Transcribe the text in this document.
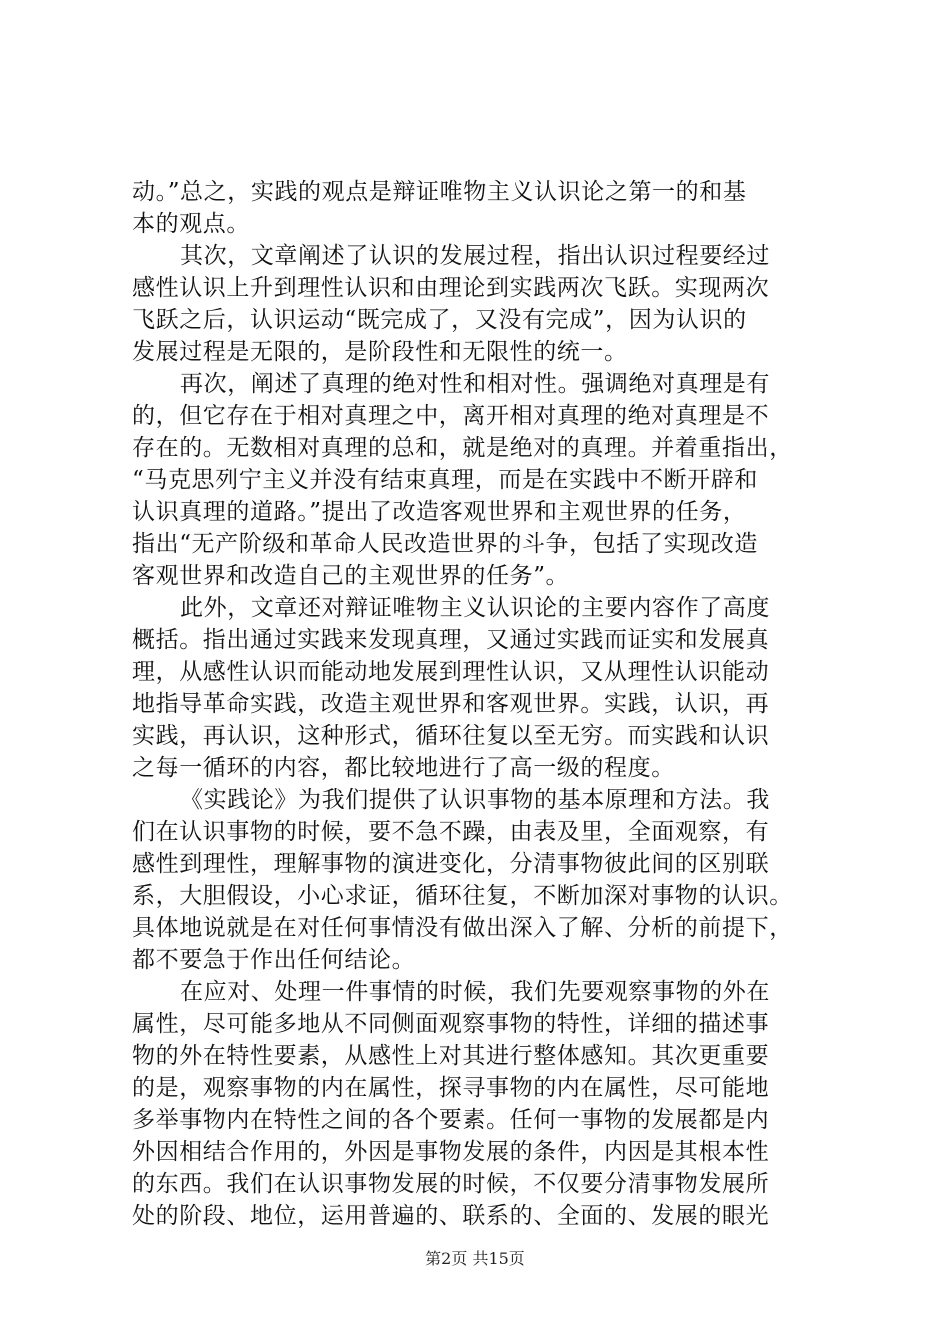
动。”总之，实践的观点是辩证唯物主义认识论之第一的和基
本的观点。
其次，文章阐述了认识的发展过程，指出认识过程要经过
感性认识上升到理性认识和由理论到实践两次飞跃。实现两次
飞跃之后，认识运动“既完成了，又没有完成”，因为认识的
发展过程是无限的，是阶段性和无限性的统一。
再次，阐述了真理的绝对性和相对性。强调绝对真理是有
的，但它存在于相对真理之中，离开相对真理的绝对真理是不
存在的。无数相对真理的总和，就是绝对的真理。并着重指出，
“马克思列宁主义并没有结束真理，而是在实践中不断开辟和
认识真理的道路。”提出了改造客观世界和主观世界的任务，
指出“无产阶级和革命人民改造世界的斗争，包括了实现改造
客观世界和改造自己的主观世界的任务”。
此外，文章还对辩证唯物主义认识论的主要内容作了高度
概括。指出通过实践来发现真理，又通过实践而证实和发展真
理，从感性认识而能动地发展到理性认识，又从理性认识能动
地指导革命实践，改造主观世界和客观世界。实践，认识，再
实践，再认识，这种形式，循环往复以至无穷。而实践和认识
之每一循环的内容，都比较地进行了高一级的程度。
《实践论》为我们提供了认识事物的基本原理和方法。我
们在认识事物的时候，要不急不躁，由表及里，全面观察，有
感性到理性，理解事物的演进变化，分清事物彼此间的区别联
系，大胆假设，小心求证，循环往复，不断加深对事物的认识。
具体地说就是在对任何事情没有做出深入了解、分析的前提下，
都不要急于作出任何结论。
在应对、处理一件事情的时候，我们先要观察事物的外在
属性，尽可能多地从不同侧面观察事物的特性，详细的描述事
物的外在特性要素，从感性上对其进行整体感知。其次更重要
的是，观察事物的内在属性，探寻事物的内在属性，尽可能地
多举事物内在特性之间的各个要素。任何一事物的发展都是内
外因相结合作用的，外因是事物发展的条件，内因是其根本性
的东西。我们在认识事物发展的时候，不仅要分清事物发展所
处的阶段、地位，运用普遍的、联系的、全面的、发展的眼光
第2页 共15页
